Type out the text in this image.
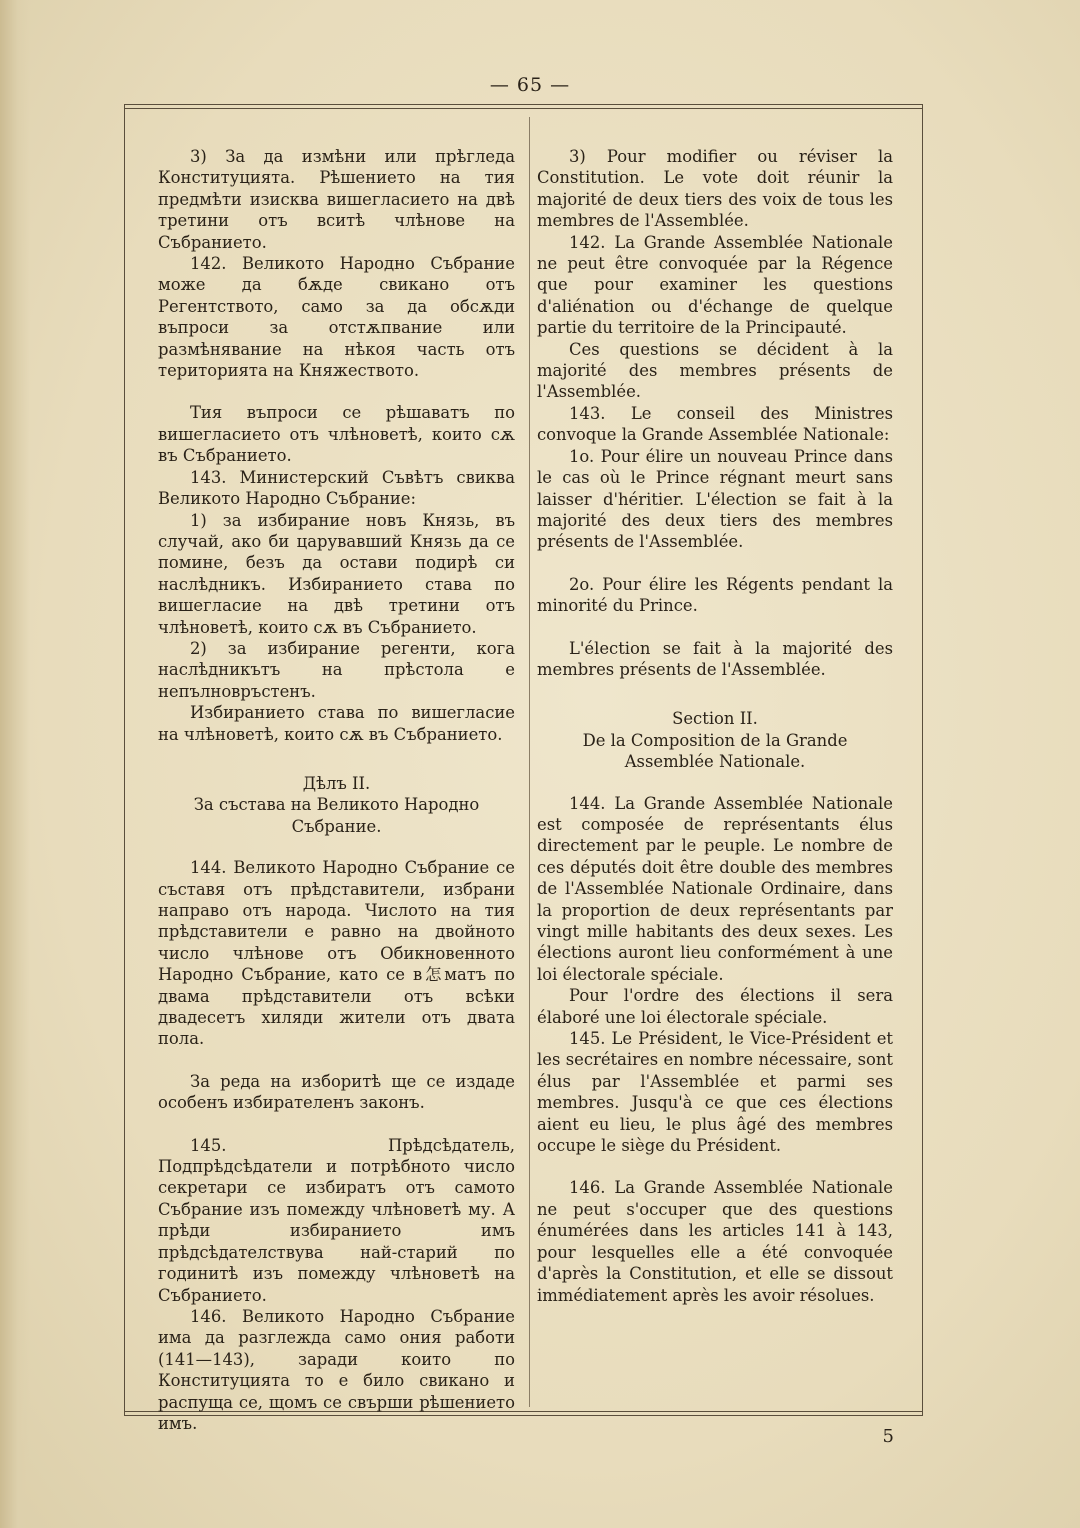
— 65 —

3) За да измѣни или прѣгледа Конституцията. Рѣшението на тия предмѣти изисква вишегласието на двѣ третини отъ вситѣ члѣнове на Събранието.

142. Великото Народно Събрание може да бѫде свикано отъ Регентството, само за да обсѫди въпроси за отстѫпвание или размѣнявание на нѣкоя часть отъ територията на Княжеството.

Тия въпроси се рѣшаватъ по вишегласието отъ члѣноветѣ, които сѫ въ Събранието.

143. Министерский Съвѣтъ свиква Великото Народно Събрание:

1) за избирание новъ Князь, въ случай, ако би царувавший Князь да се помине, безъ да остави подирѣ си наслѣдникъ. Избиранието става по вишегласие на двѣ третини отъ члѣноветѣ, които сѫ въ Събранието.

2) за избирание регенти, кога наслѣдникътъ на прѣстола е непълновръстенъ.

Избиранието става по вишегласие на члѣноветѣ, които сѫ въ Събранието.

Дѣлъ II.
За състава на Великото Народно Събрание.

144. Великото Народно Събрание се съставя отъ прѣдставители, избрани направо отъ народа. Числото на тия прѣдставители е равно на двойното число члѣнове отъ Обикновенното Народно Събрание, като се в怎матъ по двама прѣдставители отъ всѣки двадесетъ хиляди жители отъ двата пола.

За реда на изборитѣ ще се издаде особенъ избирателенъ законъ.

145. Прѣдсѣдатель, Подпрѣдсѣдатели и потрѣбното число секретари се избиратъ отъ самото Събрание изъ помежду члѣноветѣ му. А прѣди избиранието имъ прѣдсѣдателствува най-старий по годинитѣ изъ помежду члѣноветѣ на Събранието.

146. Великото Народно Събрание има да разглежда само ония работи (141—143), заради които по Конституцията то е било свикано и распуща се, щомъ се свърши рѣшението имъ.

3) Pour modifier ou réviser la Constitution. Le vote doit réunir la majorité de deux tiers des voix de tous les membres de l'Assemblée.

142. La Grande Assemblée Nationale ne peut être convoquée par la Régence que pour examiner les questions d'aliénation ou d'échange de quelque partie du territoire de la Principauté.

Ces questions se décident à la majorité des membres présents de l'Assemblée.

143. Le conseil des Ministres convoque la Grande Assemblée Nationale:

1o. Pour élire un nouveau Prince dans le cas où le Prince régnant meurt sans laisser d'héritier. L'élection se fait à la majorité des deux tiers des membres présents de l'Assemblée.

2o. Pour élire les Régents pendant la minorité du Prince.

L'élection se fait à la majorité des membres présents de l'Assemblée.

Section II.
De la Composition de la Grande Assemblée Nationale.

144. La Grande Assemblée Nationale est composée de représentants élus directement par le peuple. Le nombre de ces députés doit être double des membres de l'Assemblée Nationale Ordinaire, dans la proportion de deux représentants par vingt mille habitants des deux sexes. Les élections auront lieu conformément à une loi électorale spéciale.

Pour l'ordre des élections il sera élaboré une loi électorale spéciale.

145. Le Président, le Vice-Président et les secrétaires en nombre nécessaire, sont élus par l'Assemblée et parmi ses membres. Jusqu'à ce que ces élections aient eu lieu, le plus âgé des membres occupe le siège du Président.

146. La Grande Assemblée Nationale ne peut s'occuper que des questions énumérées dans les articles 141 à 143, pour lesquelles elle a été convoquée d'après la Constitution, et elle se dissout immédiatement après les avoir résolues.

5
